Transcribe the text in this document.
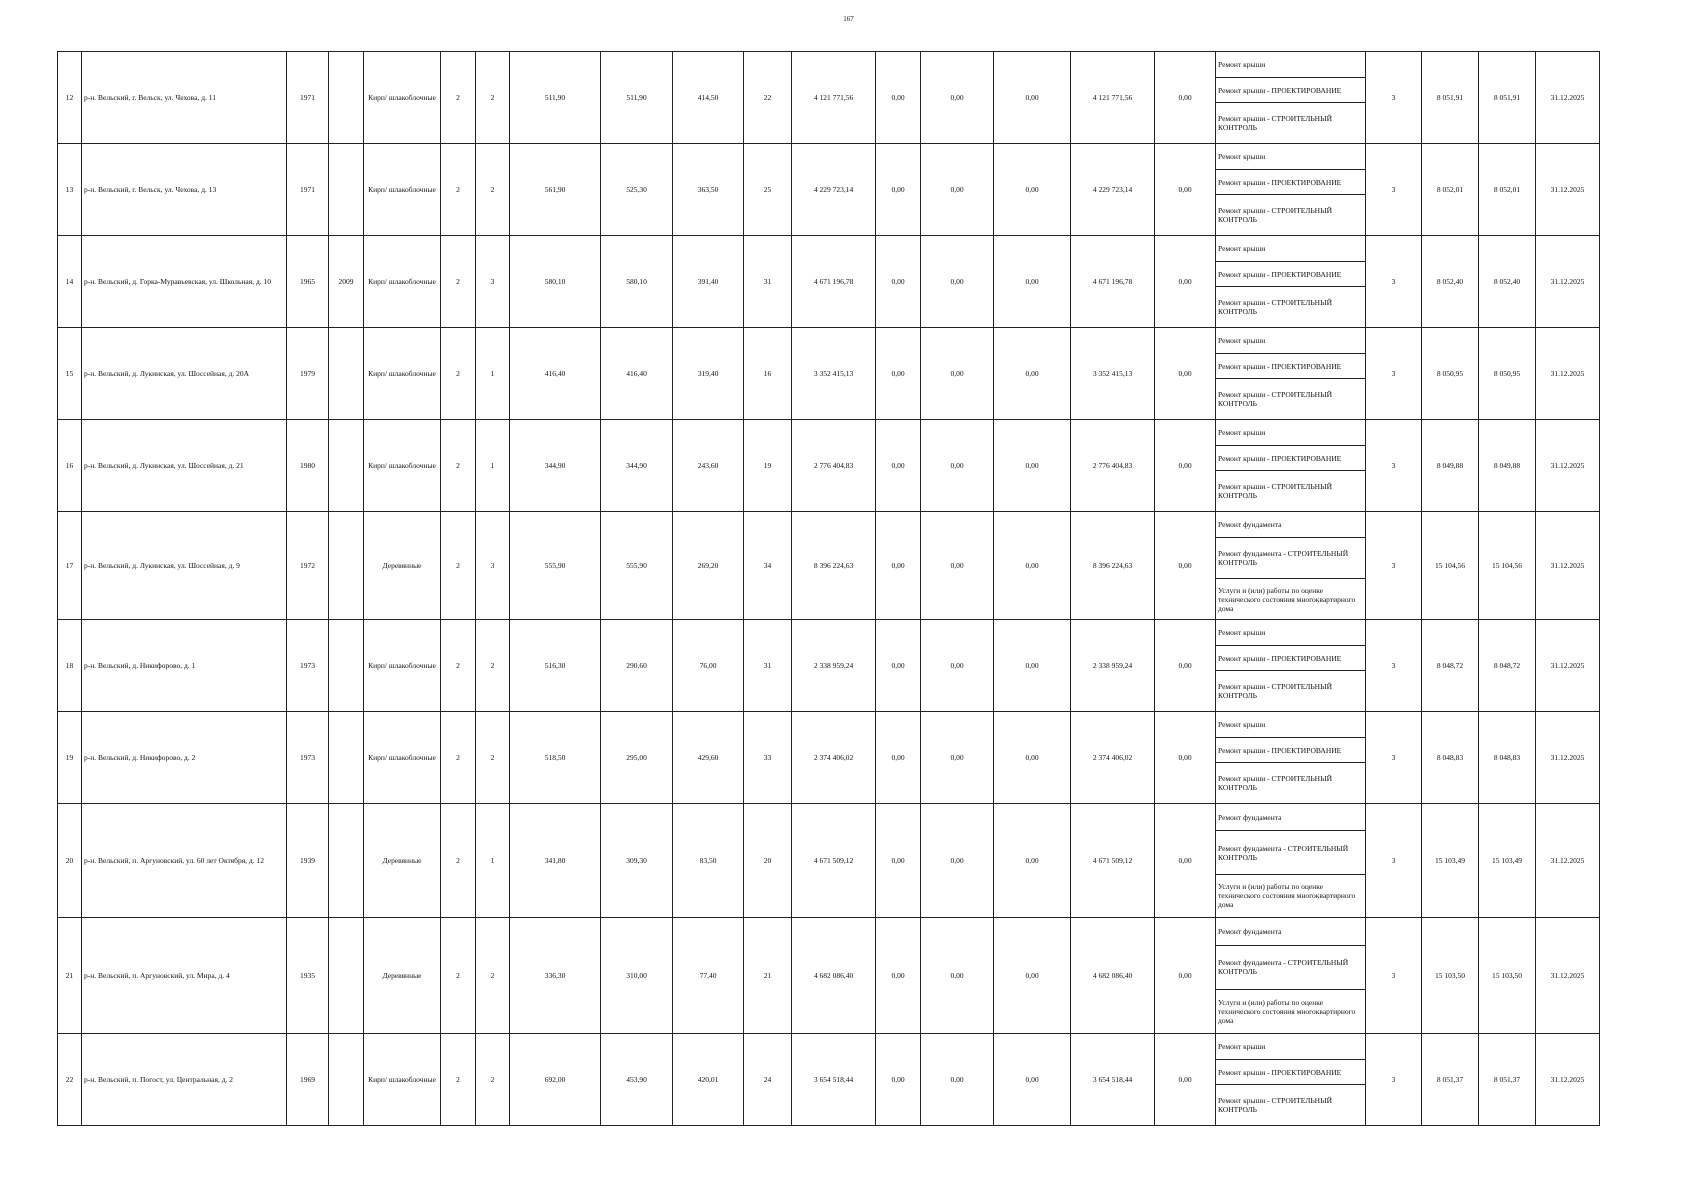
167
12	р-н. Вельский, г. Вельск, ул. Чехова, д. 11	1971		Кирп/ шлакоблочные	2	2	511,90	511,90	414,50	22	4 121 771,56	0,00	0,00	0,00	4 121 771,56	0,00	Ремонт крыши
Ремонт крыши - ПРОЕКТИРОВАНИЕ
Ремонт крыши - СТРОИТЕЛЬНЫЙ КОНТРОЛЬ	3	8 051,91	8 051,91	31.12.2025
13	р-н. Вельский, г. Вельск, ул. Чехова, д. 13	1971		Кирп/ шлакоблочные	2	2	561,90	525,30	363,50	25	4 229 723,14	0,00	0,00	0,00	4 229 723,14	0,00	Ремонт крыши
Ремонт крыши - ПРОЕКТИРОВАНИЕ
Ремонт крыши - СТРОИТЕЛЬНЫЙ КОНТРОЛЬ	3	8 052,01	8 052,01	31.12.2025
14	р-н. Вельский, д. Горка-Муравьевская, ул. Школьная, д. 10	1965	2009	Кирп/ шлакоблочные	2	3	580,10	580,10	391,40	31	4 671 196,78	0,00	0,00	0,00	4 671 196,78	0,00	Ремонт крыши
Ремонт крыши - ПРОЕКТИРОВАНИЕ
Ремонт крыши - СТРОИТЕЛЬНЫЙ КОНТРОЛЬ	3	8 052,40	8 052,40	31.12.2025
15	р-н. Вельский, д. Лукинская, ул. Шоссейная, д. 20А	1979		Кирп/ шлакоблочные	2	1	416,40	416,40	319,40	16	3 352 415,13	0,00	0,00	0,00	3 352 415,13	0,00	Ремонт крыши
Ремонт крыши - ПРОЕКТИРОВАНИЕ
Ремонт крыши - СТРОИТЕЛЬНЫЙ КОНТРОЛЬ	3	8 050,95	8 050,95	31.12.2025
16	р-н. Вельский, д. Лукинская, ул. Шоссейная, д. 21	1980		Кирп/ шлакоблочные	2	1	344,90	344,90	243,60	19	2 776 404,83	0,00	0,00	0,00	2 776 404,83	0,00	Ремонт крыши
Ремонт крыши - ПРОЕКТИРОВАНИЕ
Ремонт крыши - СТРОИТЕЛЬНЫЙ КОНТРОЛЬ	3	8 049,88	8 049,88	31.12.2025
17	р-н. Вельский, д. Лукинская, ул. Шоссейная, д. 9	1972		Деревянные	2	3	555,90	555,90	269,20	34	8 396 224,63	0,00	0,00	0,00	8 396 224,63	0,00	Ремонт фундамента
Ремонт фундамента - СТРОИТЕЛЬНЫЙ КОНТРОЛЬ
Услуги и (или) работы по оценке технического состояния многоквартирного дома	3	15 104,56	15 104,56	31.12.2025
18	р-н. Вельский, д. Никифорово, д. 1	1973		Кирп/ шлакоблочные	2	2	516,30	290,60	76,00	31	2 338 959,24	0,00	0,00	0,00	2 338 959,24	0,00	Ремонт крыши
Ремонт крыши - ПРОЕКТИРОВАНИЕ
Ремонт крыши - СТРОИТЕЛЬНЫЙ КОНТРОЛЬ	3	8 048,72	8 048,72	31.12.2025
19	р-н. Вельский, д. Никифорово, д. 2	1973		Кирп/ шлакоблочные	2	2	518,50	295,00	429,60	33	2 374 406,02	0,00	0,00	0,00	2 374 406,02	0,00	Ремонт крыши
Ремонт крыши - ПРОЕКТИРОВАНИЕ
Ремонт крыши - СТРОИТЕЛЬНЫЙ КОНТРОЛЬ	3	8 048,83	8 048,83	31.12.2025
20	р-н. Вельский, п. Аргуновский, ул. 60 лет Октября, д. 12	1939		Деревянные	2	1	341,80	309,30	83,50	20	4 671 509,12	0,00	0,00	0,00	4 671 509,12	0,00	Ремонт фундамента
Ремонт фундамента - СТРОИТЕЛЬНЫЙ КОНТРОЛЬ
Услуги и (или) работы по оценке технического состояния многоквартирного дома	3	15 103,49	15 103,49	31.12.2025
21	р-н. Вельский, п. Аргуновский, ул. Мира, д. 4	1935		Деревянные	2	2	336,30	310,00	77,40	21	4 682 086,40	0,00	0,00	0,00	4 682 086,40	0,00	Ремонт фундамента
Ремонт фундамента - СТРОИТЕЛЬНЫЙ КОНТРОЛЬ
Услуги и (или) работы по оценке технического состояния многоквартирного дома	3	15 103,50	15 103,50	31.12.2025
22	р-н. Вельский, п. Погост, ул. Центральная, д. 2	1969		Кирп/ шлакоблочные	2	2	692,00	453,90	420,01	24	3 654 518,44	0,00	0,00	0,00	3 654 518,44	0,00	Ремонт крыши
Ремонт крыши - ПРОЕКТИРОВАНИЕ
Ремонт крыши - СТРОИТЕЛЬНЫЙ КОНТРОЛЬ	3	8 051,37	8 051,37	31.12.2025
